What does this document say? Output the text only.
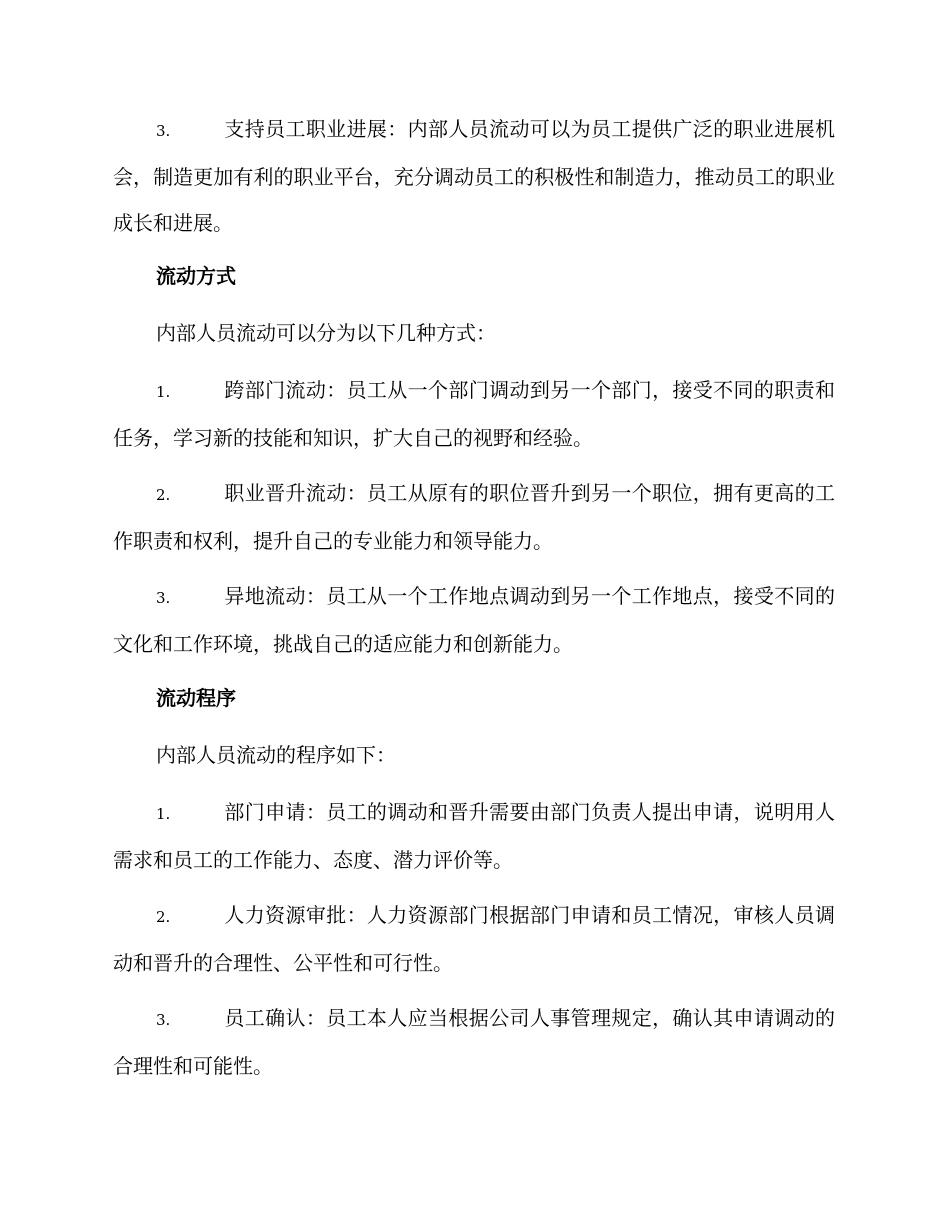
3.	支持员工职业进展：内部人员流动可以为员工提供广泛的职业进展机会，制造更加有利的职业平台，充分调动员工的积极性和制造力，推动员工的职业成长和进展。

流动方式

内部人员流动可以分为以下几种方式：

1.	跨部门流动：员工从一个部门调动到另一个部门，接受不同的职责和任务，学习新的技能和知识，扩大自己的视野和经验。

2.	职业晋升流动：员工从原有的职位晋升到另一个职位，拥有更高的工作职责和权利，提升自己的专业能力和领导能力。

3.	异地流动：员工从一个工作地点调动到另一个工作地点，接受不同的文化和工作环境，挑战自己的适应能力和创新能力。

流动程序

内部人员流动的程序如下：

1.	部门申请：员工的调动和晋升需要由部门负责人提出申请，说明用人需求和员工的工作能力、态度、潜力评价等。

2.	人力资源审批：人力资源部门根据部门申请和员工情况，审核人员调动和晋升的合理性、公平性和可行性。

3.	员工确认：员工本人应当根据公司人事管理规定，确认其申请调动的合理性和可能性。
